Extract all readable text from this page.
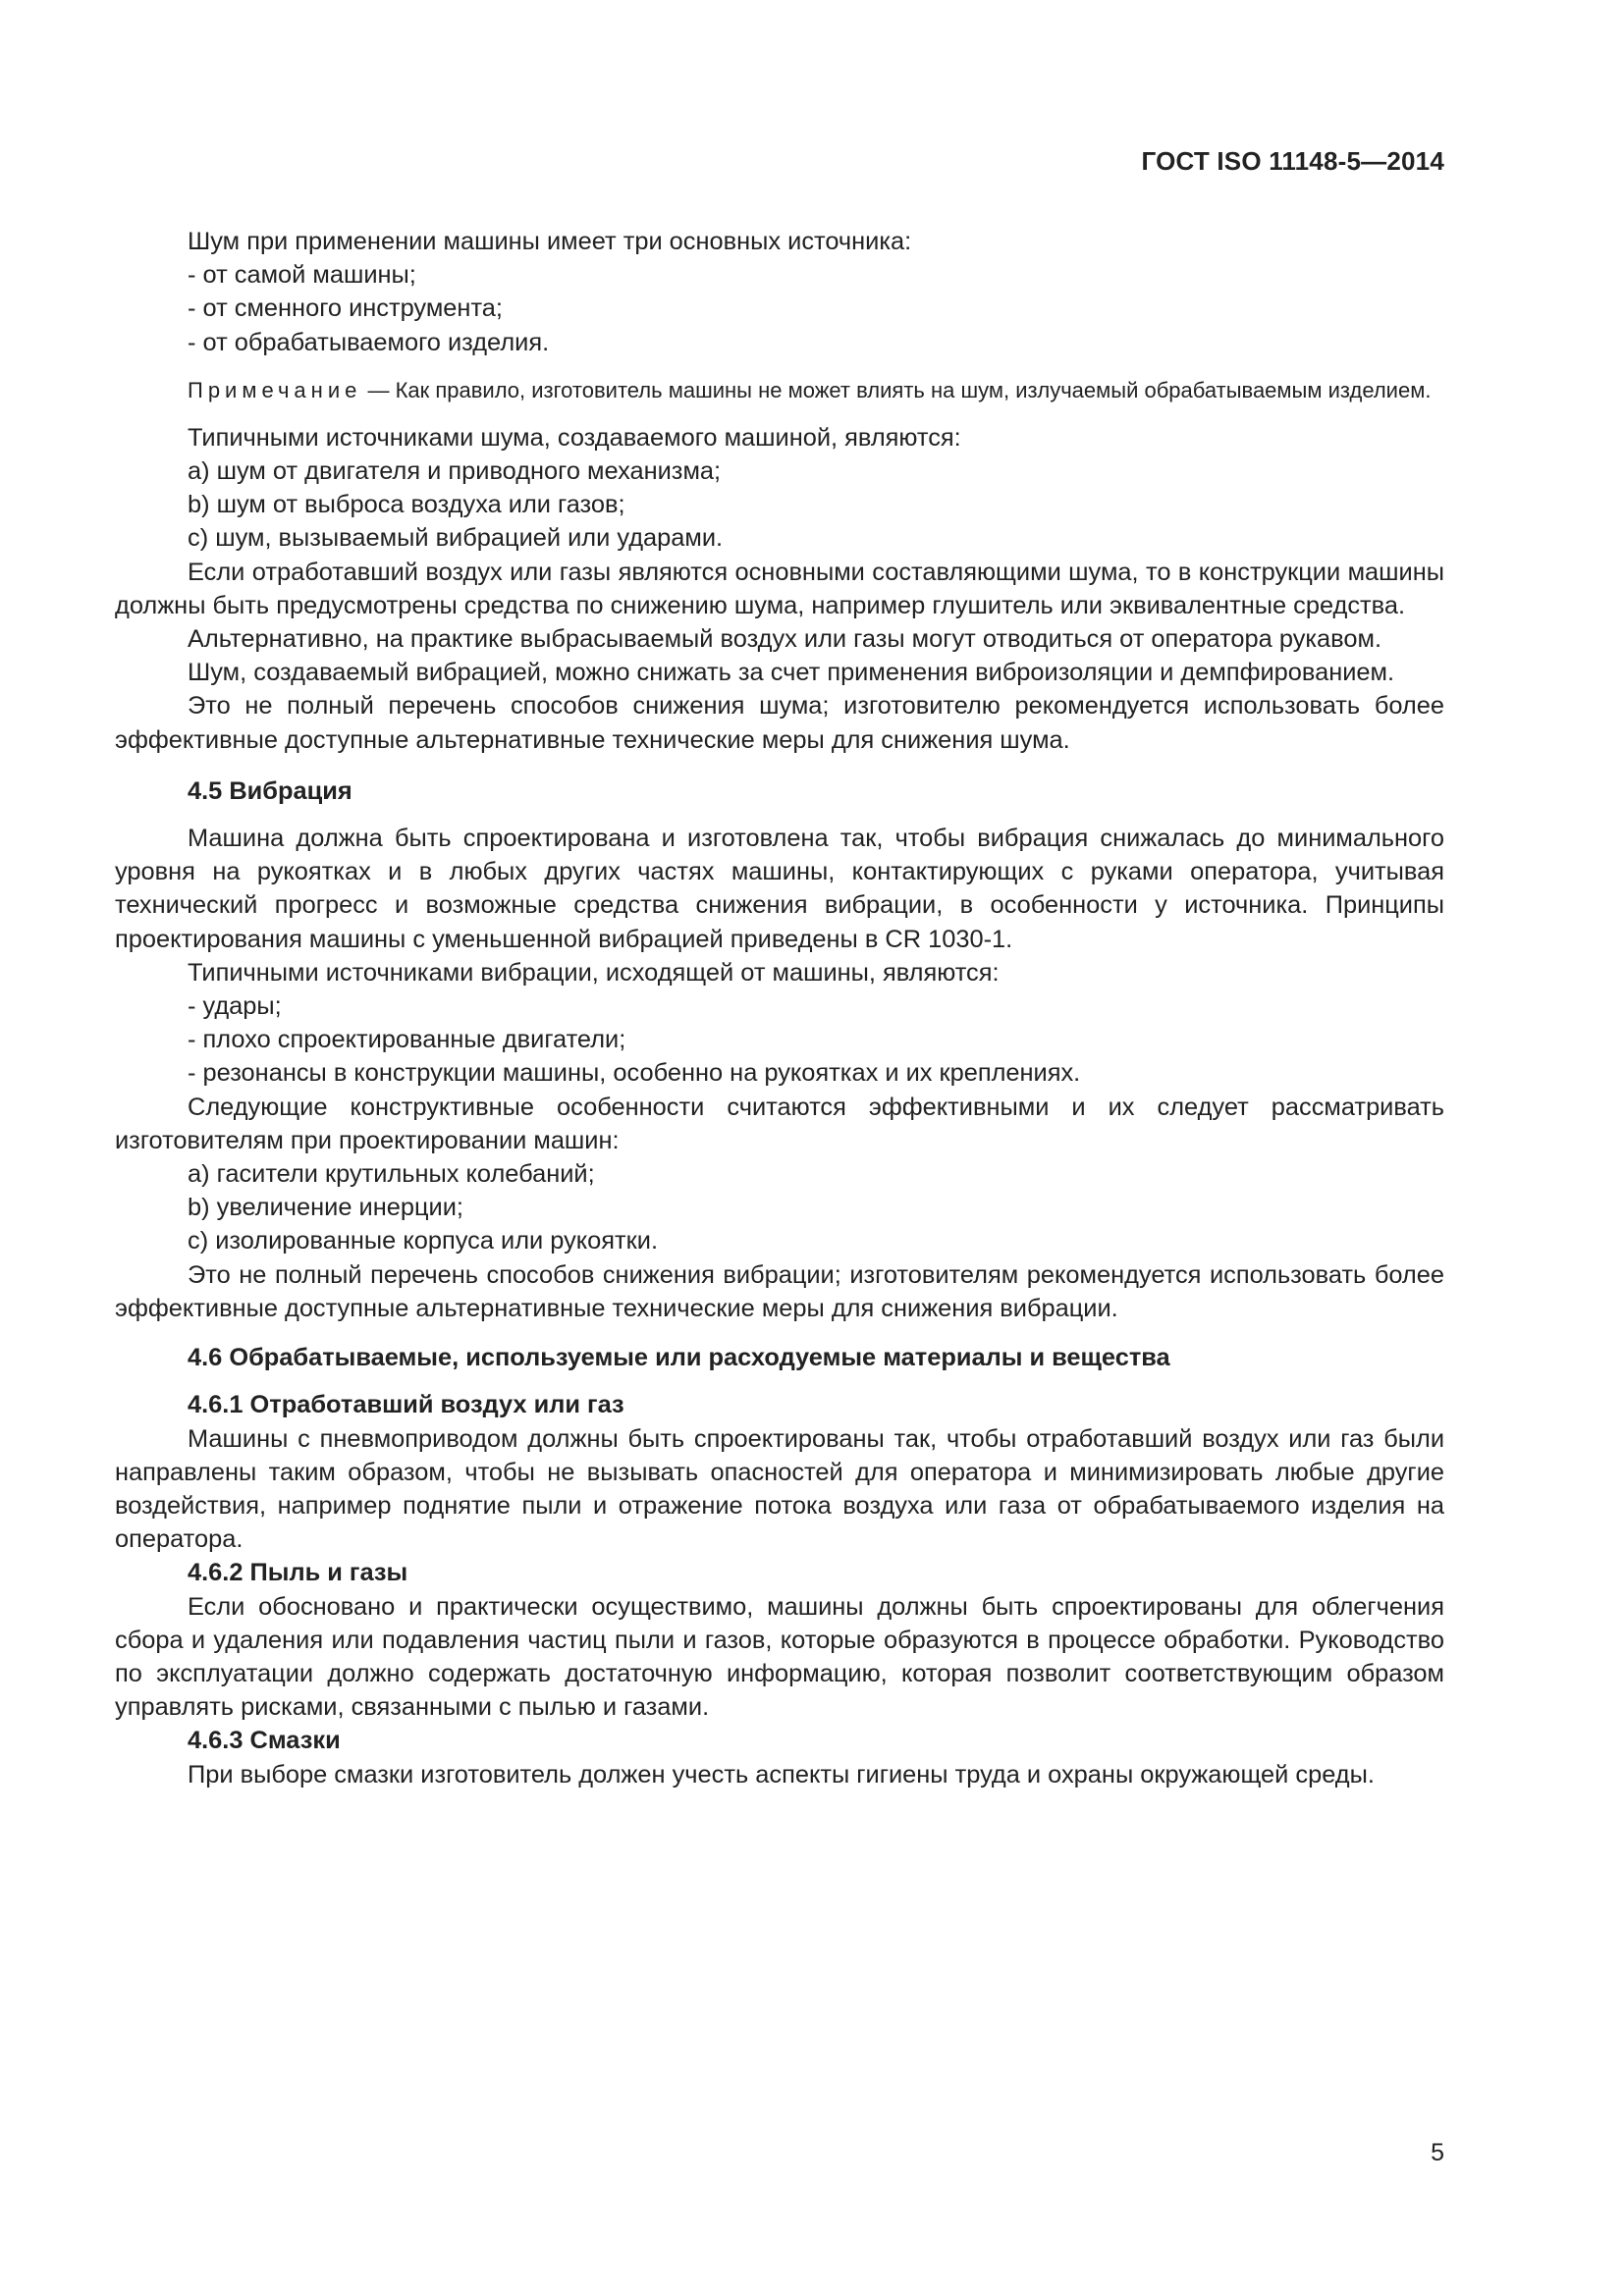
ГОСТ ISO 11148-5—2014

Шум при применении машины имеет три основных источника:

- от самой машины;
- от сменного инструмента;
- от обрабатываемого изделия.

Примечание — Как правило, изготовитель машины не может влиять на шум, излучаемый обрабатываемым изделием.

Типичными источниками шума, создаваемого машиной, являются:

а) шум от двигателя и приводного механизма;
b) шум от выброса воздуха или газов;
с) шум, вызываемый вибрацией или ударами.

Если отработавший воздух или газы являются основными составляющими шума, то в конструкции машины должны быть предусмотрены средства по снижению шума, например глушитель или эквивалентные средства.

Альтернативно, на практике выбрасываемый воздух или газы могут отводиться от оператора рукавом.

Шум, создаваемый вибрацией, можно снижать за счет применения виброизоляции и демпфированием.

Это не полный перечень способов снижения шума; изготовителю рекомендуется использовать более эффективные доступные альтернативные технические меры для снижения шума.

4.5 Вибрация

Машина должна быть спроектирована и изготовлена так, чтобы вибрация снижалась до минимального уровня на рукоятках и в любых других частях машины, контактирующих с руками оператора, учитывая технический прогресс и возможные средства снижения вибрации, в особенности у источника. Принципы проектирования машины с уменьшенной вибрацией приведены в CR 1030-1.

Типичными источниками вибрации, исходящей от машины, являются:

- удары;
- плохо спроектированные двигатели;
- резонансы в конструкции машины, особенно на рукоятках и их креплениях.

Следующие конструктивные особенности считаются эффективными и их следует рассматривать изготовителям при проектировании машин:

а) гасители крутильных колебаний;
b) увеличение инерции;
с) изолированные корпуса или рукоятки.

Это не полный перечень способов снижения вибрации; изготовителям рекомендуется использовать более эффективные доступные альтернативные технические меры для снижения вибрации.

4.6 Обрабатываемые, используемые или расходуемые материалы и вещества

4.6.1 Отработавший воздух или газ

Машины с пневмоприводом должны быть спроектированы так, чтобы отработавший воздух или газ были направлены таким образом, чтобы не вызывать опасностей для оператора и минимизировать любые другие воздействия, например поднятие пыли и отражение потока воздуха или газа от обрабатываемого изделия на оператора.

4.6.2 Пыль и газы

Если обосновано и практически осуществимо, машины должны быть спроектированы для облегчения сбора и удаления или подавления частиц пыли и газов, которые образуются в процессе обработки. Руководство по эксплуатации должно содержать достаточную информацию, которая позволит соответствующим образом управлять рисками, связанными с пылью и газами.

4.6.3 Смазки

При выборе смазки изготовитель должен учесть аспекты гигиены труда и охраны окружающей среды.

5
